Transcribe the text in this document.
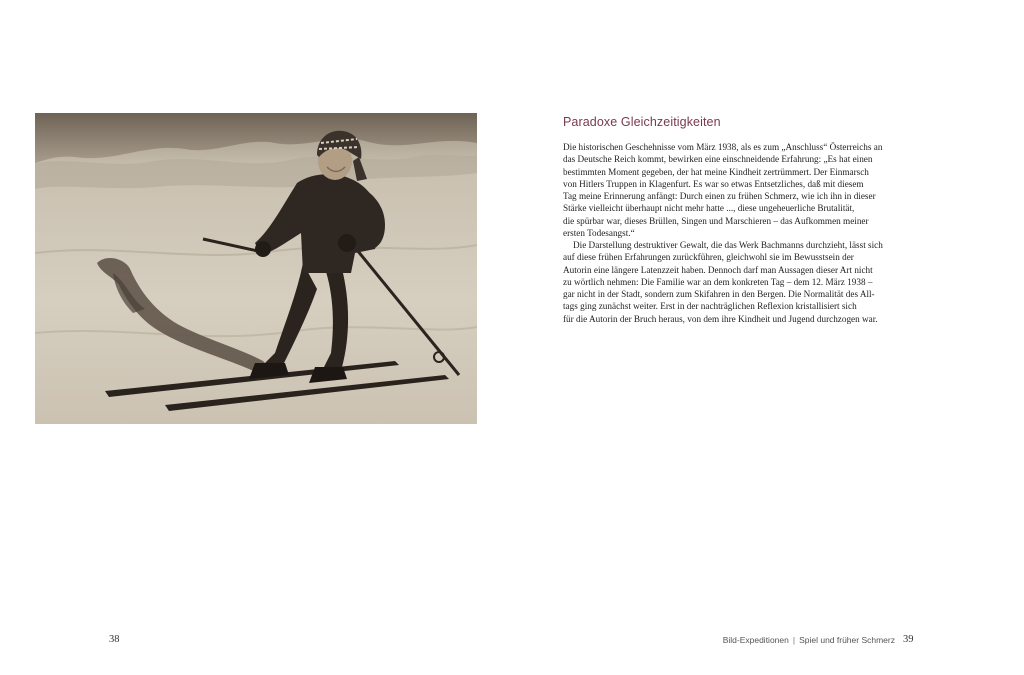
Paradoxe Gleichzeitigkeiten

Die historischen Geschehnisse vom März 1938, als es zum „Anschluss“ Österreichs an
das Deutsche Reich kommt, bewirken eine einschneidende Erfahrung: „Es hat einen
bestimmten Moment gegeben, der hat meine Kindheit zertrümmert. Der Einmarsch
von Hitlers Truppen in Klagenfurt. Es war so etwas Entsetzliches, daß mit diesem
Tag meine Erinnerung anfängt: Durch einen zu frühen Schmerz, wie ich ihn in dieser
Stärke vielleicht überhaupt nicht mehr hatte ..., diese ungeheuerliche Brutalität,
die spürbar war, dieses Brüllen, Singen und Marschieren – das Aufkommen meiner
ersten Todesangst.“

Die Darstellung destruktiver Gewalt, die das Werk Bachmanns durchzieht, lässt sich
auf diese frühen Erfahrungen zurückführen, gleichwohl sie im Bewusstsein der
Autorin eine längere Latenzzeit haben. Dennoch darf man Aussagen dieser Art nicht
zu wörtlich nehmen: Die Familie war an dem konkreten Tag – dem 12. März 1938 –
gar nicht in der Stadt, sondern zum Skifahren in den Bergen. Die Normalität des All-
tags ging zunächst weiter. Erst in der nachträglichen Reflexion kristallisiert sich
für die Autorin der Bruch heraus, von dem ihre Kindheit und Jugend durchzogen war.

38	Bild-Expeditionen | Spiel und früher Schmerz 39
